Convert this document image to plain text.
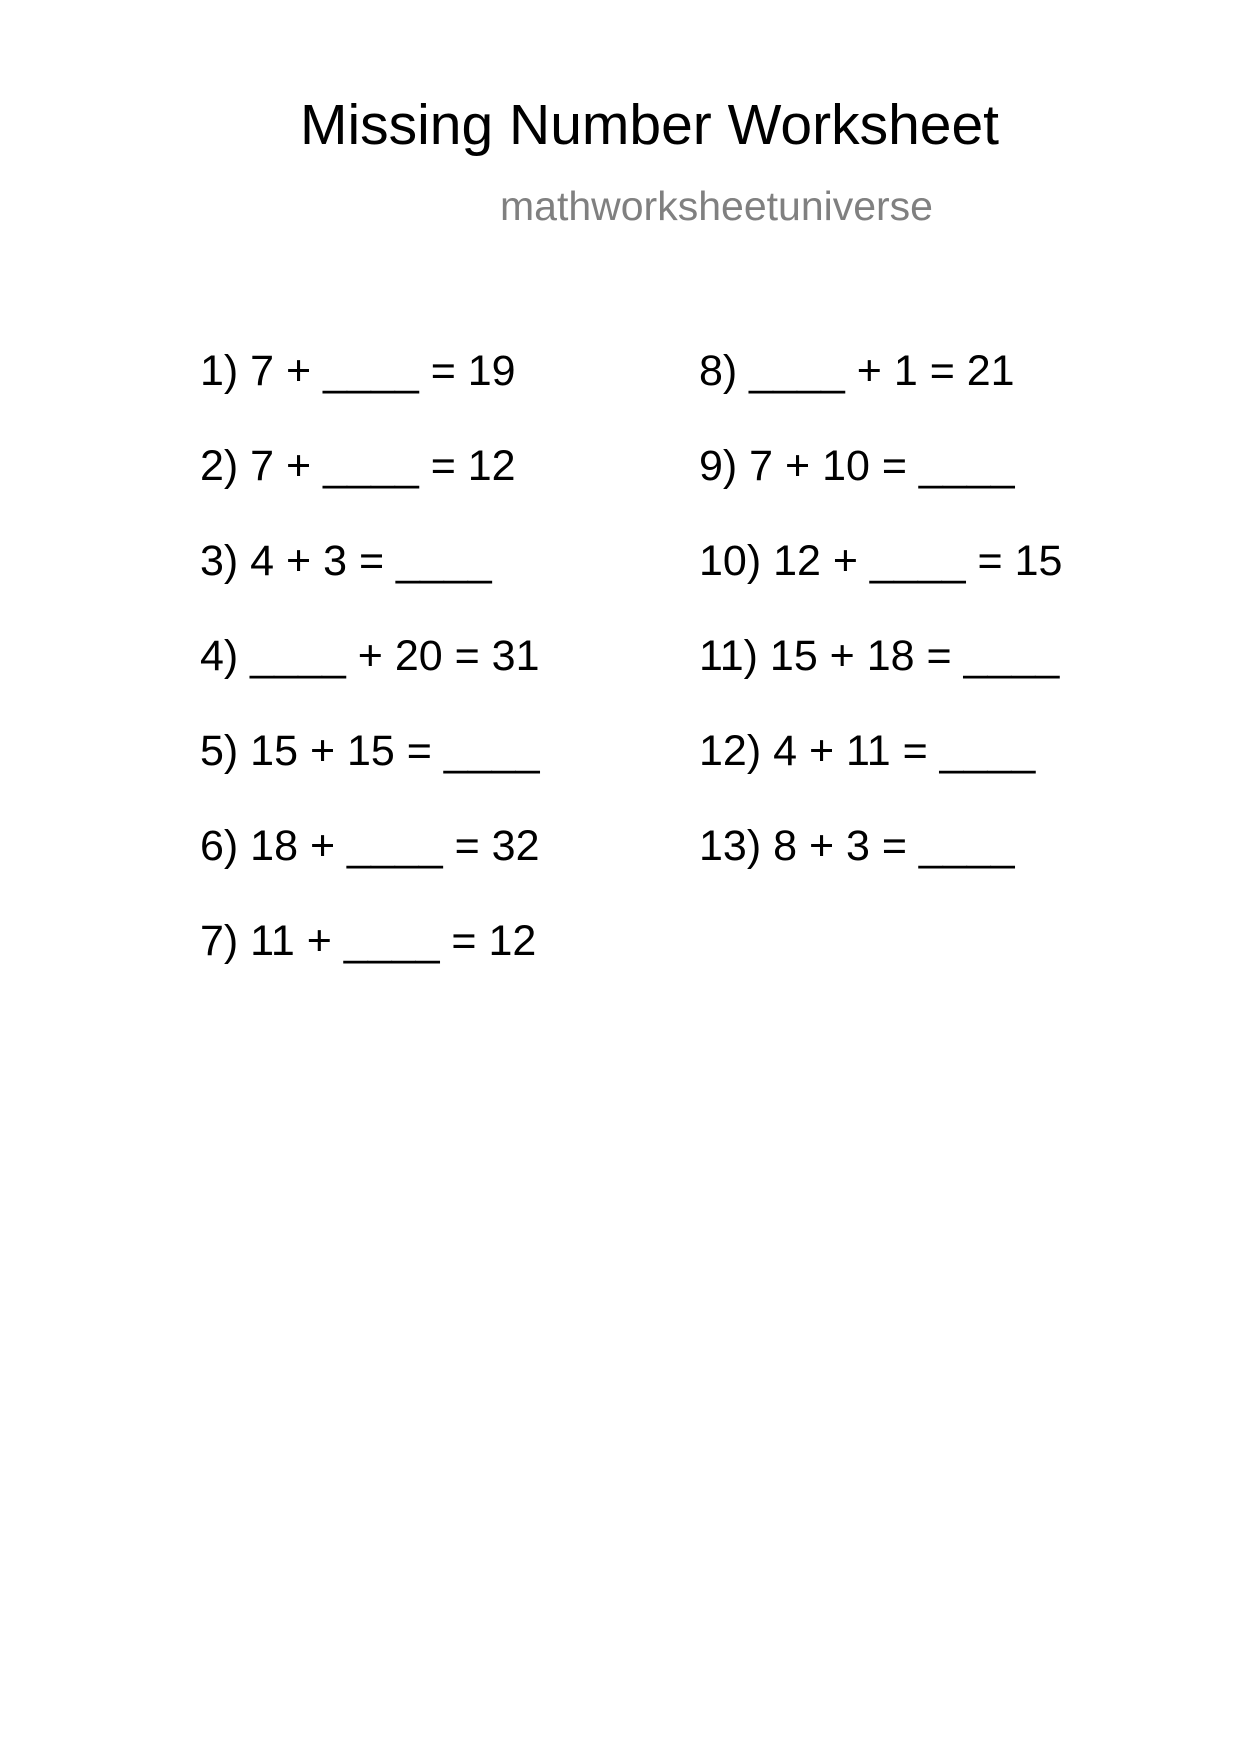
Missing Number Worksheet
mathworksheetuniverse
1) 7 + ____ = 19
2) 7 + ____ = 12
3) 4 + 3 = ____
4) ____ + 20 = 31
5) 15 + 15 = ____
6) 18 + ____ = 32
7) 11 + ____ = 12
8) ____ + 1 = 21
9) 7 + 10 = ____
10) 12 + ____ = 15
11) 15 + 18 = ____
12) 4 + 11 = ____
13) 8 + 3 = ____
